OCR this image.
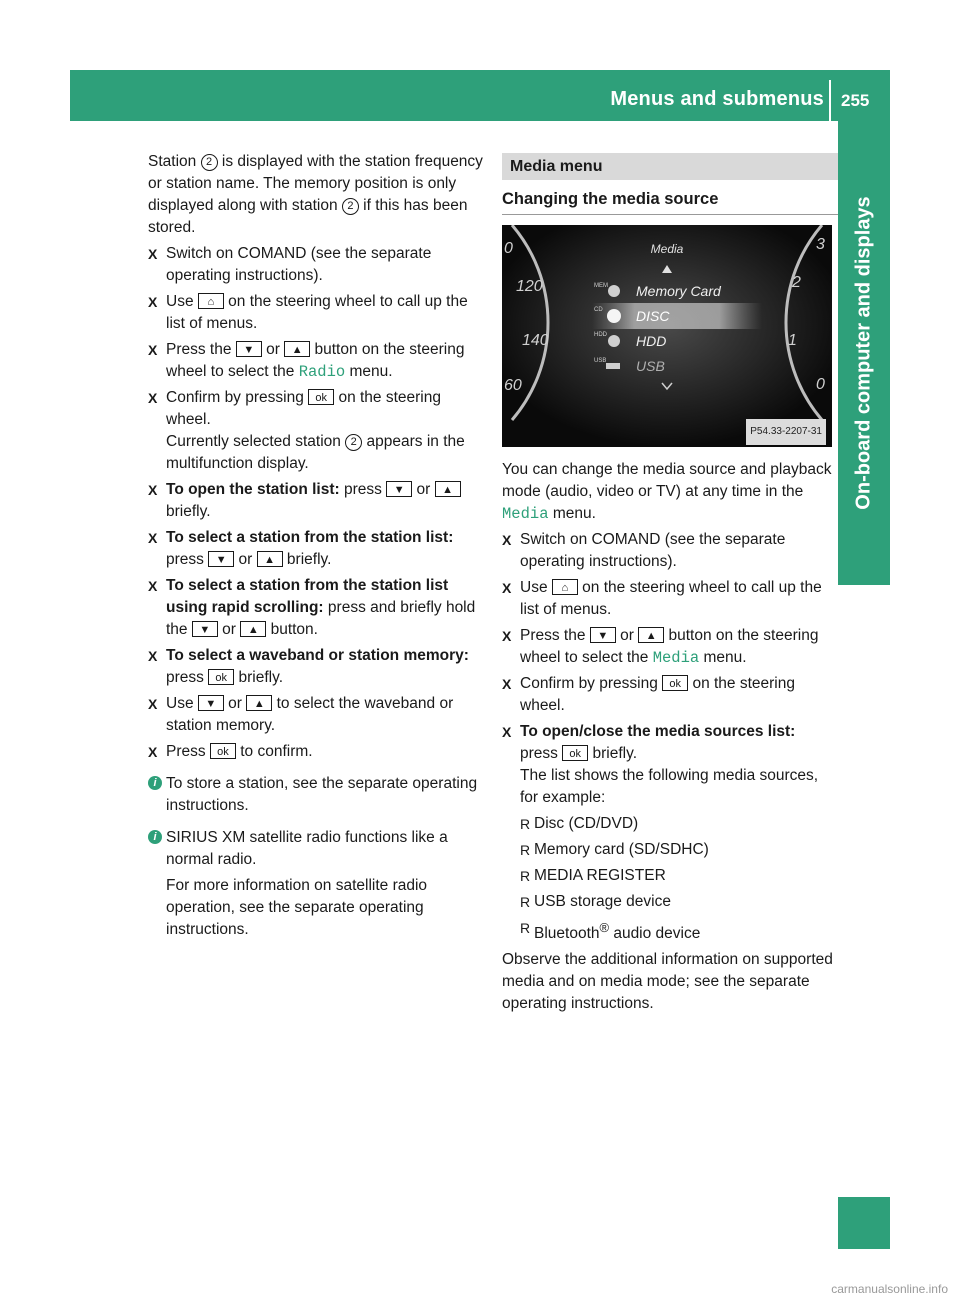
Menus and submenus 255
On-board computer and displays

Station 2 is displayed with the station frequency or station name. The memory position is only displayed along with station 2 if this has been stored.

X Switch on COMAND (see the separate operating instructions).
X Use ⌂ on the steering wheel to call up the list of menus.
X Press the ▼ or ▲ button on the steering wheel to select the Radio menu.
X Confirm by pressing ok on the steering wheel.
Currently selected station 2 appears in the multifunction display.
X To open the station list: press ▼ or ▲ briefly.
X To select a station from the station list: press ▼ or ▲ briefly.
X To select a station from the station list using rapid scrolling: press and briefly hold the ▼ or ▲ button.
X To select a waveband or station memory: press ok briefly.
X Use ▼ or ▲ to select the waveband or station memory.
X Press ok to confirm.
i To store a station, see the separate operating instructions.

i SIRIUS XM satellite radio functions like a normal radio.

For more information on satellite radio operation, see the separate operating instructions.

Media menu
Changing the media source
0
120
140
60
3
2
1
0
Media
MEM Memory Card
CD DISC
HDD HDD
USB USB
P54.33-2207-31

You can change the media source and playback mode (audio, video or TV) at any time in the Media menu.

X Switch on COMAND (see the separate operating instructions).
X Use ⌂ on the steering wheel to call up the list of menus.
X Press the ▼ or ▲ button on the steering wheel to select the Media menu.
X Confirm by pressing ok on the steering wheel.
X To open/close the media sources list:
press ok briefly.
The list shows the following media sources, for example:
R Disc (CD/DVD)
R Memory card (SD/SDHC)
R MEDIA REGISTER
R USB storage device
R Bluetooth® audio device

Observe the additional information on supported media and on media mode; see the separate operating instructions.

carmanualsonline.info
